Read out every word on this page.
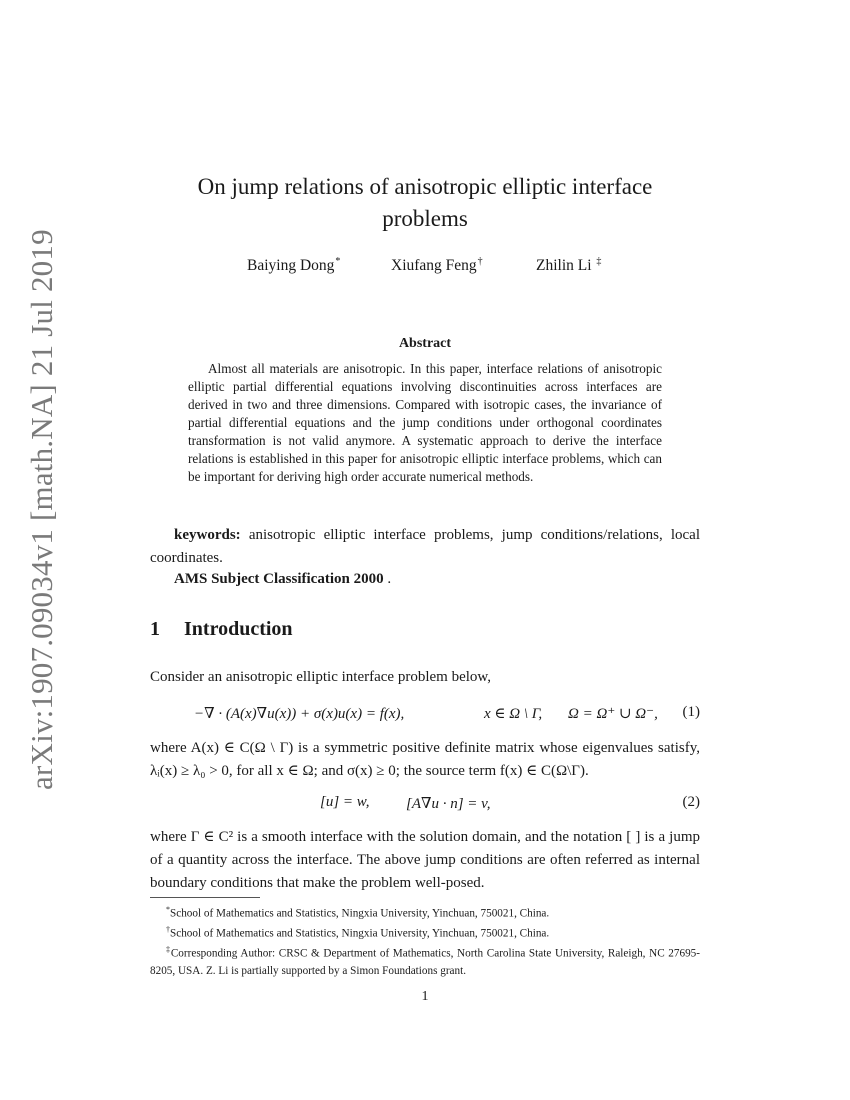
arXiv:1907.09034v1 [math.NA] 21 Jul 2019
On jump relations of anisotropic elliptic interface
problems
Baiying Dong*	Xiufang Feng†	Zhilin Li ‡
Abstract

Almost all materials are anisotropic. In this paper, interface relations of anisotropic elliptic partial differential equations involving discontinuities across interfaces are derived in two and three dimensions. Compared with isotropic cases, the invariance of partial differential equations and the jump conditions under orthogonal coordinates transformation is not valid anymore. A systematic approach to derive the interface relations is established in this paper for anisotropic elliptic interface problems, which can be important for deriving high order accurate numerical methods.

keywords: anisotropic elliptic interface problems, jump conditions/relations, local coordinates.

AMS Subject Classification 2000 .

1 Introduction

Consider an anisotropic elliptic interface problem below,

−∇ · (A(x)∇u(x)) + σ(x)u(x) = f(x),	x ∈ Ω \ Γ, Ω = Ω⁺ ∪ Ω⁻, (1)

where A(x) ∈ C(Ω \ Γ) is a symmetric positive definite matrix whose eigenvalues satisfy, λᵢ(x) ≥ λ₀ > 0, for all x ∈ Ω; and σ(x) ≥ 0; the source term f(x) ∈ C(Ω\Γ).

[u] = w, [A∇u · n] = v,	(2)

where Γ ∈ C² is a smooth interface with the solution domain, and the notation [ ] is a jump of a quantity across the interface. The above jump conditions are often referred as internal boundary conditions that make the problem well-posed.

*School of Mathematics and Statistics, Ningxia University, Yinchuan, 750021, China.

†School of Mathematics and Statistics, Ningxia University, Yinchuan, 750021, China.

‡Corresponding Author: CRSC & Department of Mathematics, North Carolina State University, Raleigh, NC 27695-8205, USA. Z. Li is partially supported by a Simon Foundations grant.

1
